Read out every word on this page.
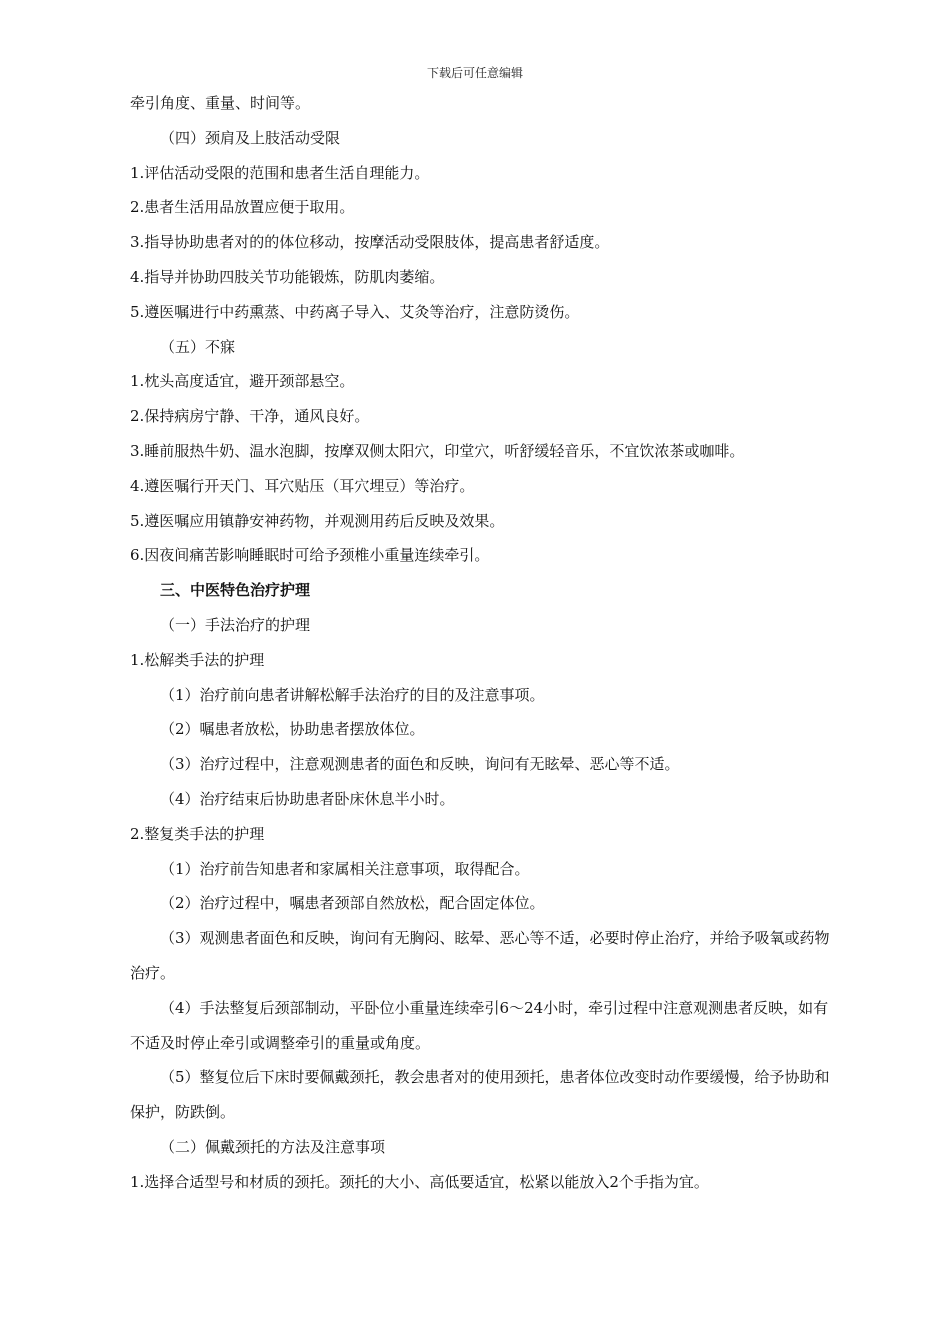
下载后可任意编辑

牵引角度、重量、时间等。

（四）颈肩及上肢活动受限

1.评估活动受限的范围和患者生活自理能力。

2.患者生活用品放置应便于取用。

3.指导协助患者对的的体位移动，按摩活动受限肢体，提高患者舒适度。

4.指导并协助四肢关节功能锻炼，防肌肉萎缩。

5.遵医嘱进行中药熏蒸、中药离子导入、艾灸等治疗，注意防烫伤。

（五）不寐

1.枕头高度适宜，避开颈部悬空。

2.保持病房宁静、干净，通风良好。

3.睡前服热牛奶、温水泡脚，按摩双侧太阳穴，印堂穴，听舒缓轻音乐，不宜饮浓茶或咖啡。

4.遵医嘱行开天门、耳穴贴压（耳穴埋豆）等治疗。

5.遵医嘱应用镇静安神药物，并观测用药后反映及效果。

6.因夜间痛苦影响睡眠时可给予颈椎小重量连续牵引。

三、中医特色治疗护理

（一）手法治疗的护理

1.松解类手法的护理

（1）治疗前向患者讲解松解手法治疗的目的及注意事项。

（2）嘱患者放松，协助患者摆放体位。

（3）治疗过程中，注意观测患者的面色和反映，询问有无眩晕、恶心等不适。

（4）治疗结束后协助患者卧床休息半小时。

2.整复类手法的护理

（1）治疗前告知患者和家属相关注意事项，取得配合。

（2）治疗过程中，嘱患者颈部自然放松，配合固定体位。

（3）观测患者面色和反映，询问有无胸闷、眩晕、恶心等不适，必要时停止治疗，并给予吸氧或药物治疗。

（4）手法整复后颈部制动，平卧位小重量连续牵引6～24小时，牵引过程中注意观测患者反映，如有不适及时停止牵引或调整牵引的重量或角度。

（5）整复位后下床时要佩戴颈托，教会患者对的使用颈托，患者体位改变时动作要缓慢，给予协助和保护，防跌倒。

（二）佩戴颈托的方法及注意事项

1.选择合适型号和材质的颈托。颈托的大小、高低要适宜，松紧以能放入2个手指为宜。
